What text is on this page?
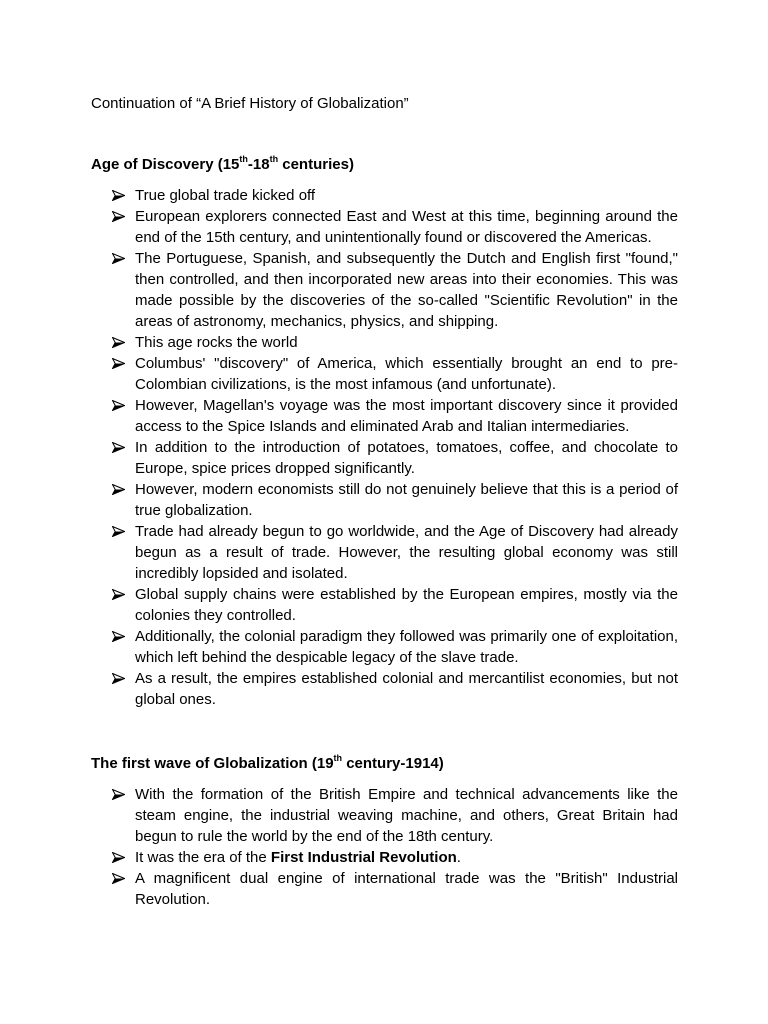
Continuation of “A Brief History of Globalization”
Age of Discovery (15th-18th centuries)
True global trade kicked off
European explorers connected East and West at this time, beginning around the end of the 15th century, and unintentionally found or discovered the Americas.
The Portuguese, Spanish, and subsequently the Dutch and English first "found," then controlled, and then incorporated new areas into their economies. This was made possible by the discoveries of the so-called "Scientific Revolution" in the areas of astronomy, mechanics, physics, and shipping.
This age rocks the world
Columbus' "discovery" of America, which essentially brought an end to pre-Colombian civilizations, is the most infamous (and unfortunate).
However, Magellan's voyage was the most important discovery since it provided access to the Spice Islands and eliminated Arab and Italian intermediaries.
In addition to the introduction of potatoes, tomatoes, coffee, and chocolate to Europe, spice prices dropped significantly.
However, modern economists still do not genuinely believe that this is a period of true globalization.
Trade had already begun to go worldwide, and the Age of Discovery had already begun as a result of trade. However, the resulting global economy was still incredibly lopsided and isolated.
Global supply chains were established by the European empires, mostly via the colonies they controlled.
Additionally, the colonial paradigm they followed was primarily one of exploitation, which left behind the despicable legacy of the slave trade.
As a result, the empires established colonial and mercantilist economies, but not global ones.
The first wave of Globalization (19th century-1914)
With the formation of the British Empire and technical advancements like the steam engine, the industrial weaving machine, and others, Great Britain had begun to rule the world by the end of the 18th century.
It was the era of the First Industrial Revolution.
A magnificent dual engine of international trade was the "British" Industrial Revolution.
